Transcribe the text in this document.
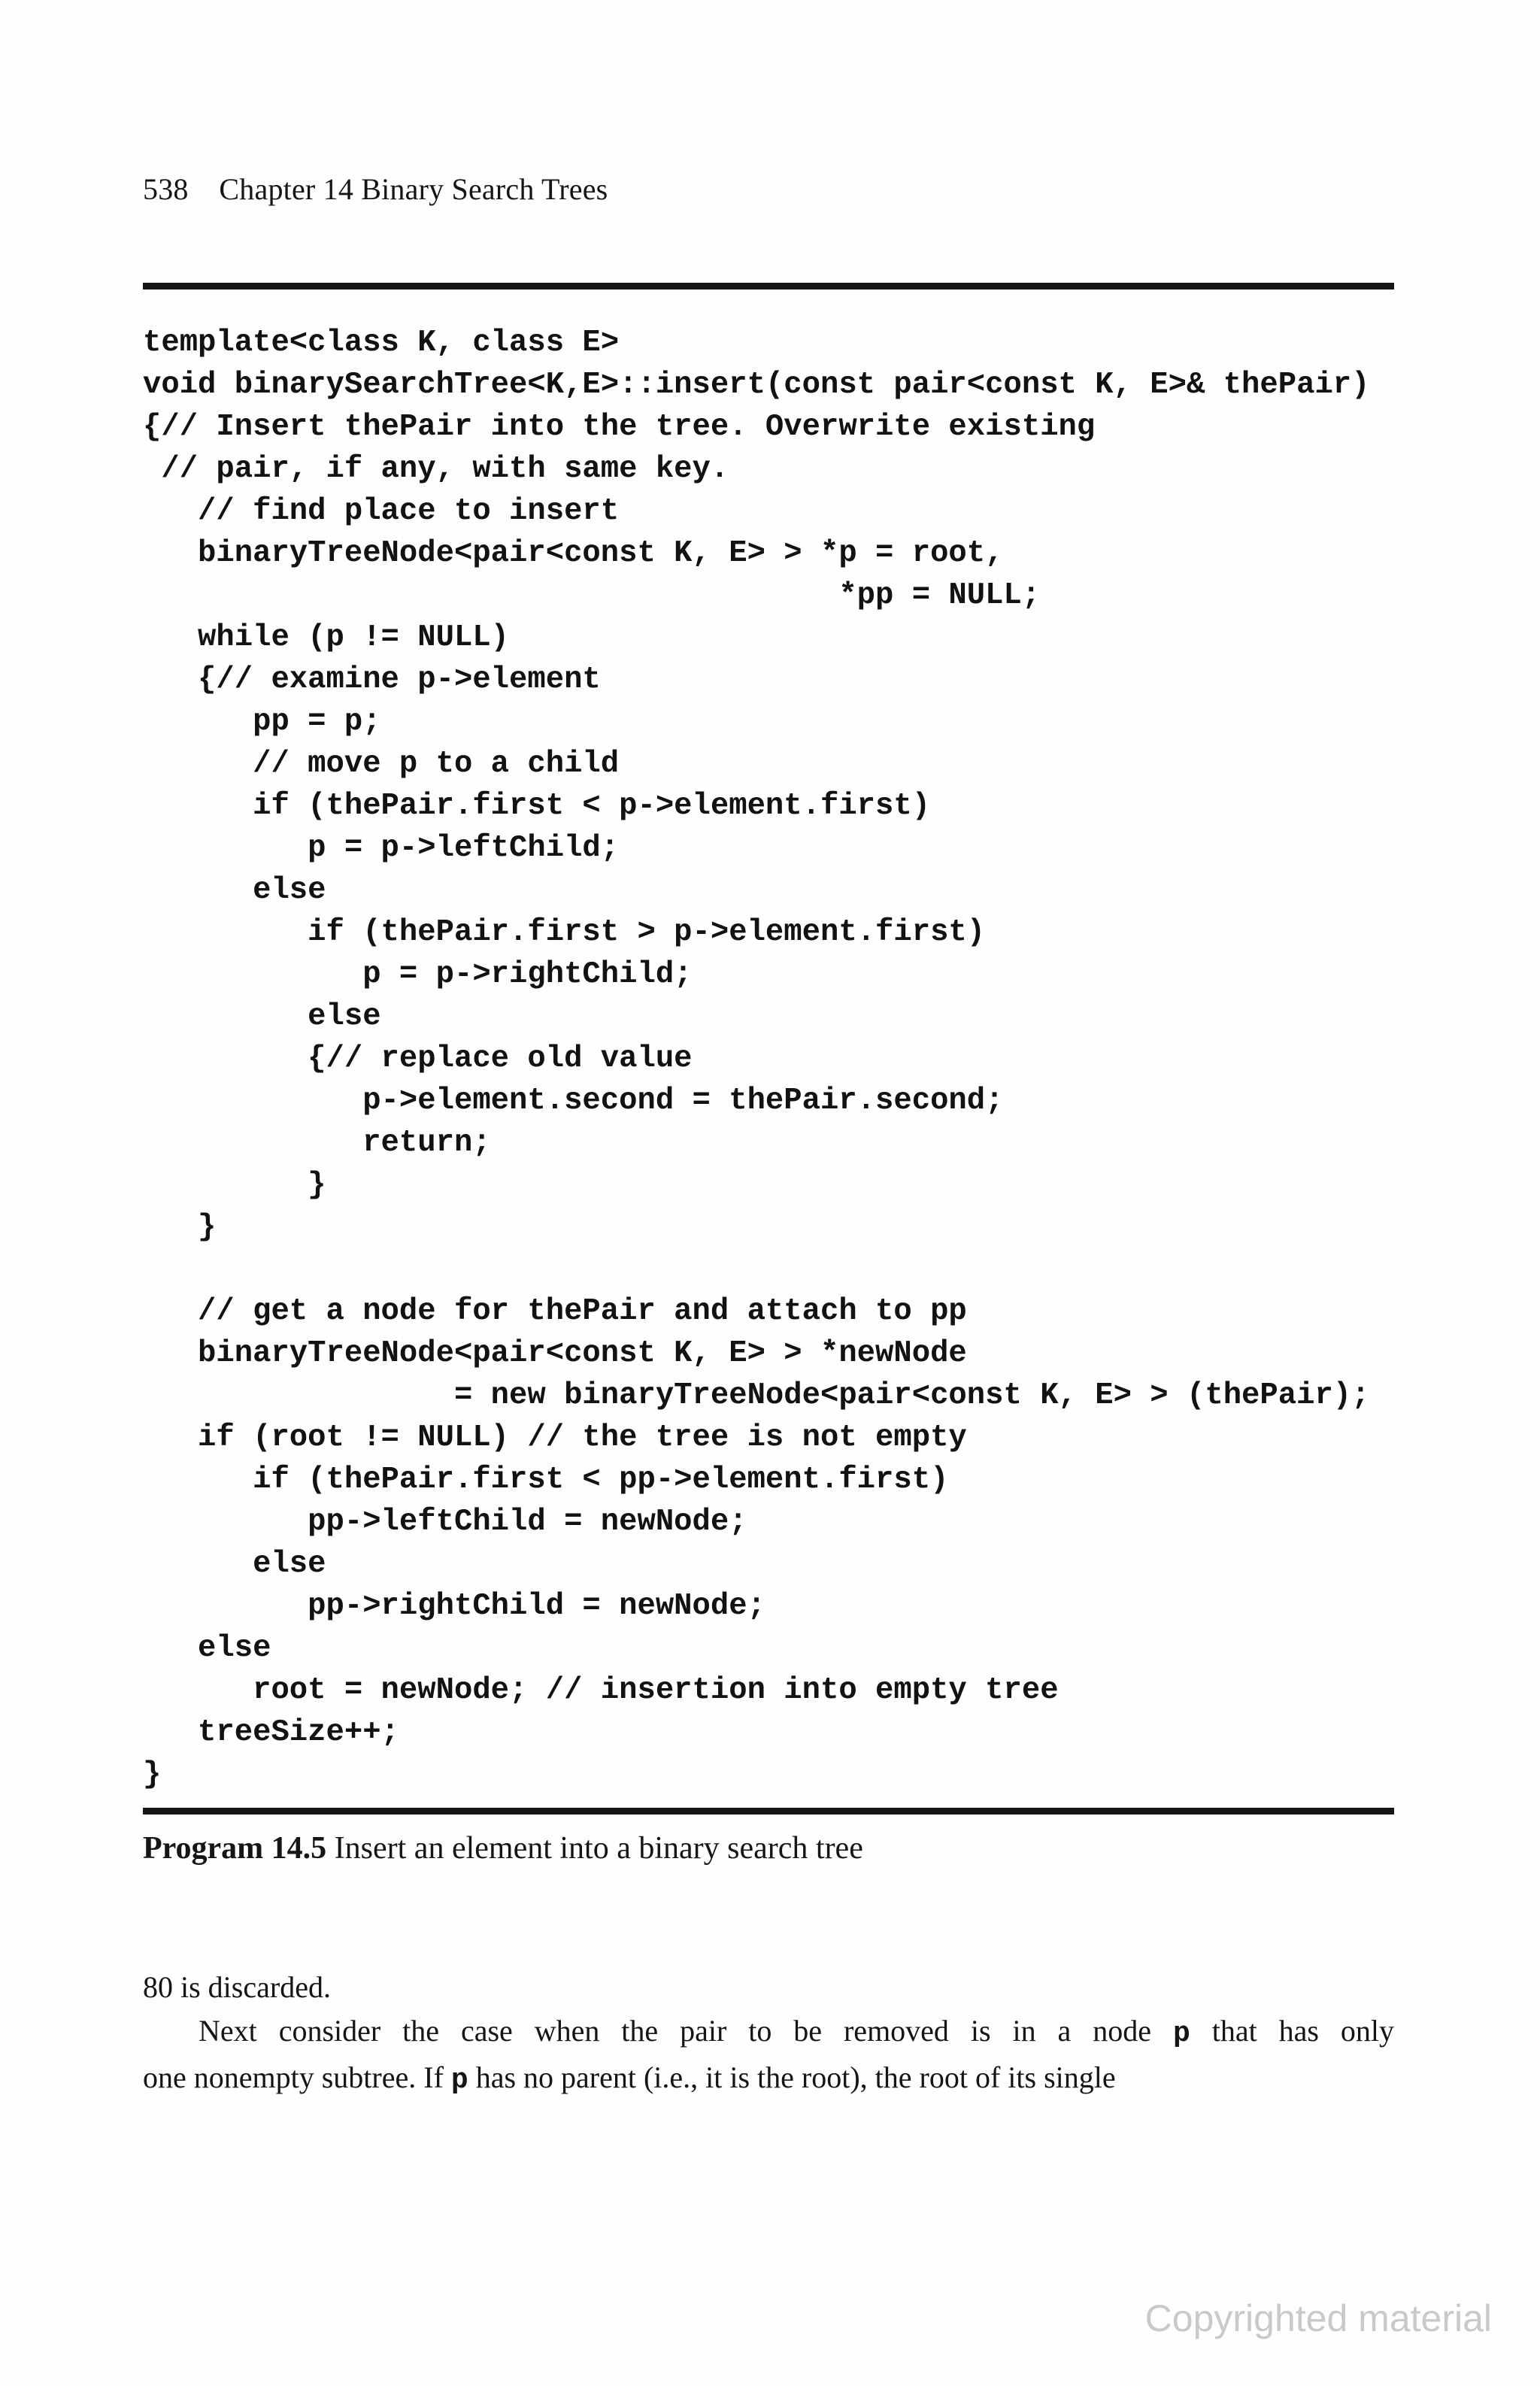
538 Chapter 14 Binary Search Trees
template<class K, class E>
void binarySearchTree<K,E>::insert(const pair<const K, E>& thePair)
{// Insert thePair into the tree. Overwrite existing
// pair, if any, with same key.
// find place to insert
binaryTreeNode<pair<const K, E> > *p = root,
*pp = NULL;
while (p != NULL)
{// examine p->element
pp = p;
// move p to a child
if (thePair.first < p->element.first)
p = p->leftChild;
else
if (thePair.first > p->element.first)
p = p->rightChild;
else
{// replace old value
p->element.second = thePair.second;
return;
}
}
// get a node for thePair and attach to pp
binaryTreeNode<pair<const K, E> > *newNode
= new binaryTreeNode<pair<const K, E> > (thePair);
if (root != NULL) // the tree is not empty
if (thePair.first < pp->element.first)
pp->leftChild = newNode;
else
pp->rightChild = newNode;
else
root = newNode; // insertion into empty tree
treeSize++;
}
Program 14.5 Insert an element into a binary search tree

80 is discarded.

Next consider the case when the pair to be removed is in a node p that has only

one nonempty subtree. If p has no parent (i.e., it is the root), the root of its single

Copyrighted material
